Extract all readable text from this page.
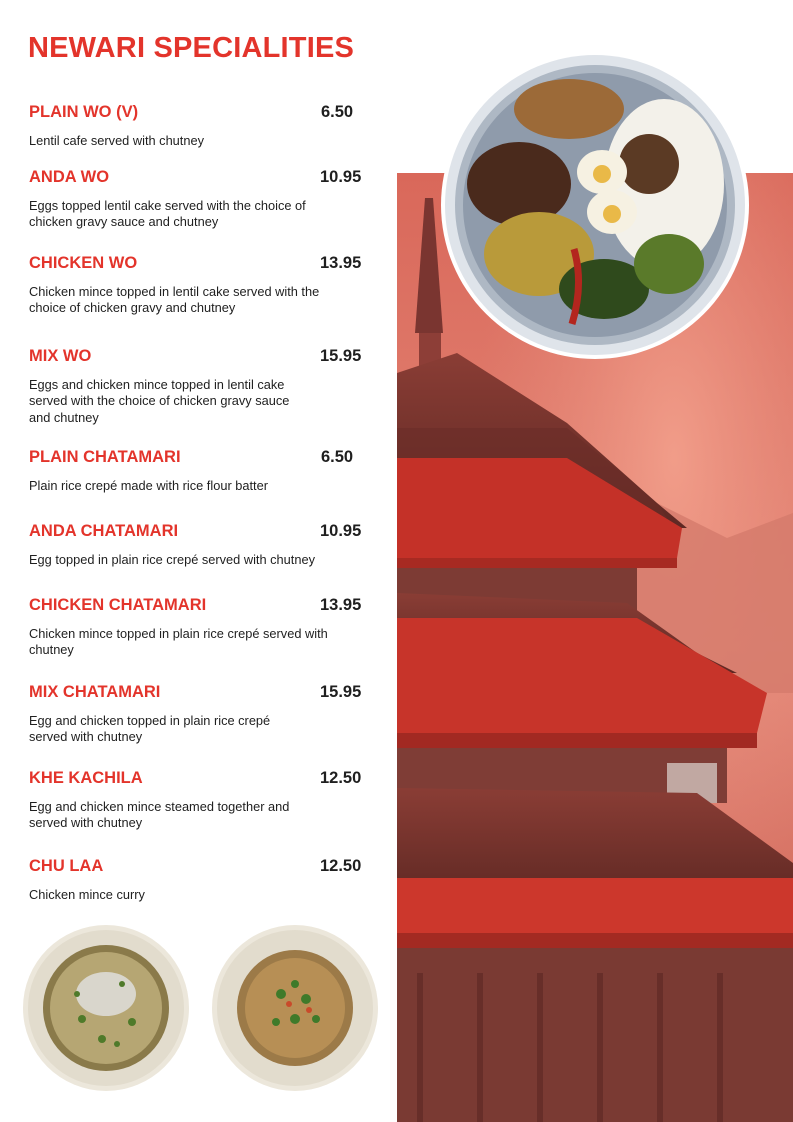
NEWARI SPECIALITIES
PLAIN WO (V)	6.50
Lentil cafe served with chutney
ANDA WO	10.95
Eggs topped lentil cake served with the choice of chicken gravy sauce and chutney
CHICKEN WO	13.95
Chicken mince topped in lentil cake served with the choice of chicken gravy and chutney
MIX WO	15.95
Eggs and chicken mince topped in lentil cake served with the choice of chicken gravy sauce and chutney
PLAIN CHATAMARI	6.50
Plain rice crepé made with rice flour batter
ANDA CHATAMARI	10.95
Egg topped in plain rice crepé served with chutney
CHICKEN CHATAMARI	13.95
Chicken mince topped in plain rice crepé served with chutney
MIX CHATAMARI	15.95
Egg and chicken topped in plain rice crepé served with chutney
KHE KACHILA	12.50
Egg and chicken mince steamed together and served with chutney
CHU LAA	12.50
Chicken mince curry
